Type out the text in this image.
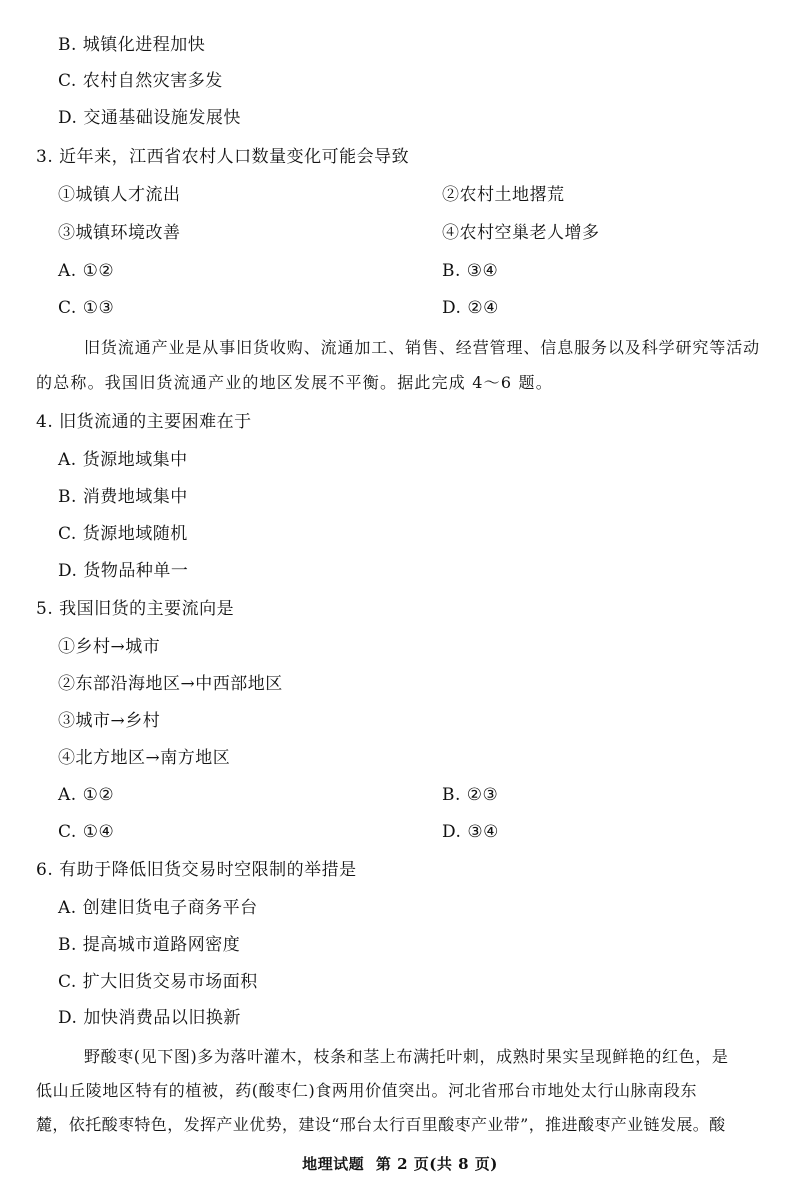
B. 城镇化进程加快
C. 农村自然灾害多发
D. 交通基础设施发展快
3. 近年来，江西省农村人口数量变化可能会导致
①城镇人才流出	②农村土地撂荒
③城镇环境改善	④农村空巢老人增多
A. ①②	B. ③④
C. ①③	D. ②④
旧货流通产业是从事旧货收购、流通加工、销售、经营管理、信息服务以及科学研究等活动
的总称。我国旧货流通产业的地区发展不平衡。据此完成 4～6 题。
4. 旧货流通的主要困难在于
A. 货源地域集中
B. 消费地域集中
C. 货源地域随机
D. 货物品种单一
5. 我国旧货的主要流向是
①乡村→城市
②东部沿海地区→中西部地区
③城市→乡村
④北方地区→南方地区
A. ①②	B. ②③
C. ①④	D. ③④
6. 有助于降低旧货交易时空限制的举措是
A. 创建旧货电子商务平台
B. 提高城市道路网密度
C. 扩大旧货交易市场面积
D. 加快消费品以旧换新
野酸枣(见下图)多为落叶灌木，枝条和茎上布满托叶刺，成熟时果实呈现鲜艳的红色，是
低山丘陵地区特有的植被，药(酸枣仁)食两用价值突出。河北省邢台市地处太行山脉南段东
麓，依托酸枣特色，发挥产业优势，建设“邢台太行百里酸枣产业带”，推进酸枣产业链发展。酸
地理试题 第 2 页(共 8 页)
